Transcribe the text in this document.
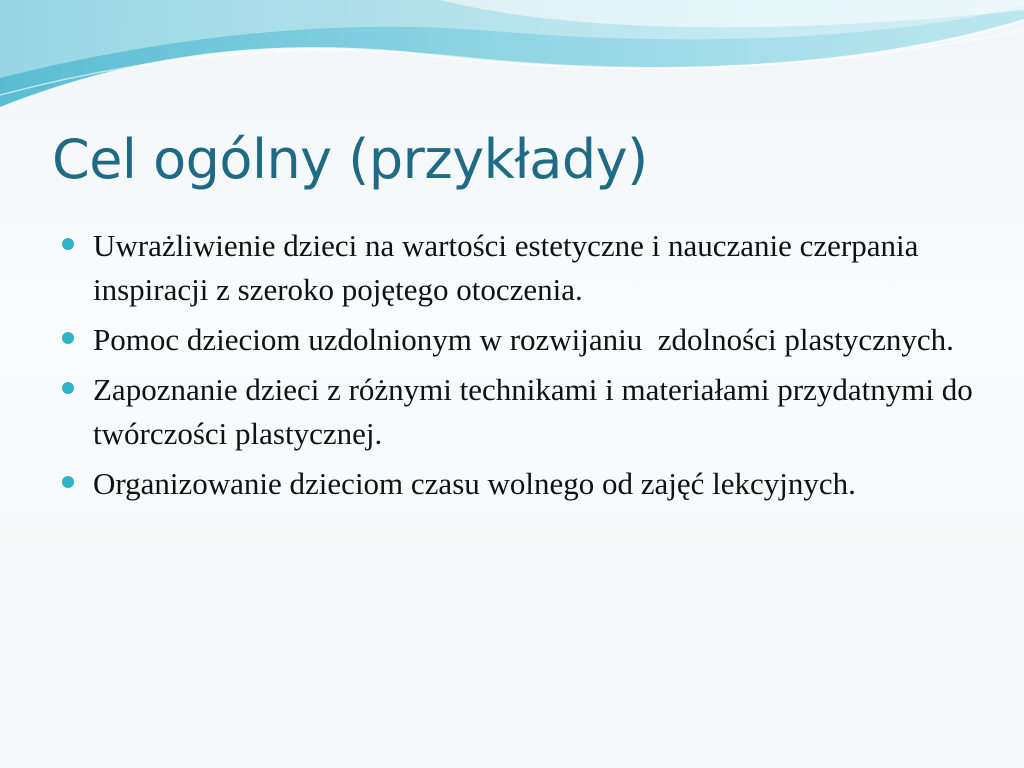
Cel ogólny (przykłady)
Uwrażliwienie dzieci na wartości estetyczne i nauczanie czerpania   inspiracji z szeroko pojętego otoczenia.
Pomoc dzieciom uzdolnionym w rozwijaniu  zdolności plastycznych.
Zapoznanie dzieci z różnymi technikami i materiałami przydatnymi do  twórczości plastycznej.
Organizowanie dzieciom czasu wolnego od zajęć lekcyjnych.
